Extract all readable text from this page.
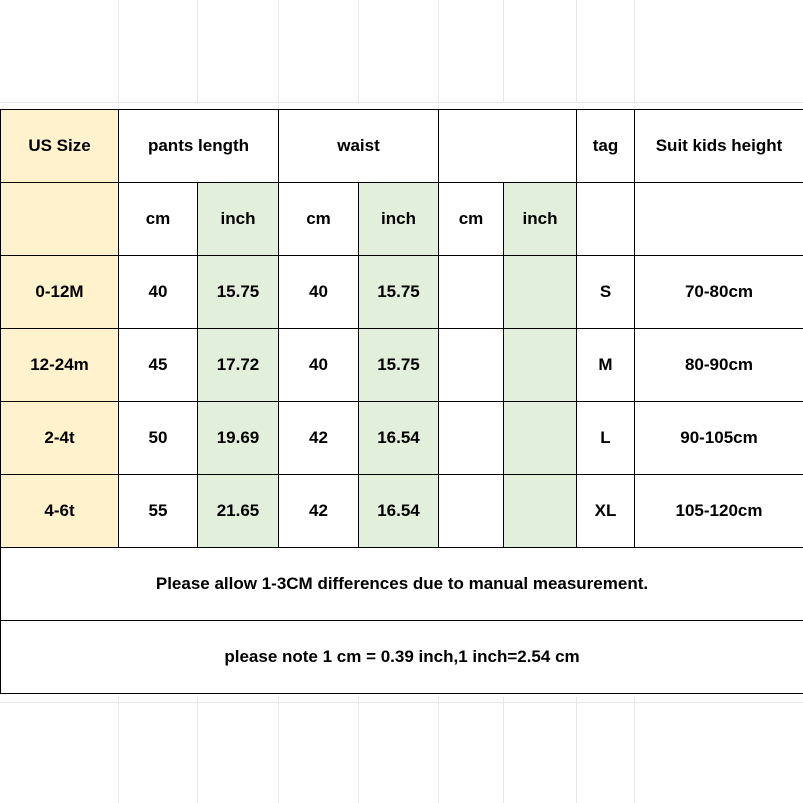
US Size	pants length		waist				tag	Suit kids height
	cm	inch	cm	inch	cm	inch		
0-12M	40	15.75	40	15.75			S	70-80cm
12-24m	45	17.72	40	15.75			M	80-90cm
2-4t	50	19.69	42	16.54			L	90-105cm
4-6t	55	21.65	42	16.54			XL	105-120cm
Please allow 1-3CM differences due to manual measurement.								
please note 1 cm = 0.39 inch,1 inch=2.54 cm								
